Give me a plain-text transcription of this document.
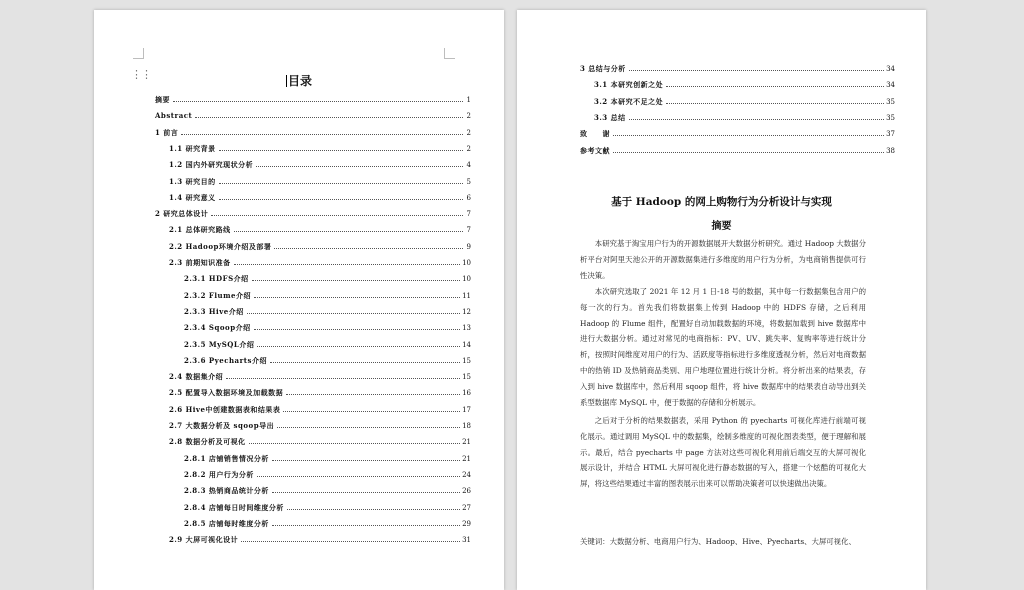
⋮⋮	目录
摘要	1
Abstract	2
1 前言	2
1.1 研究背景	2
1.2 国内外研究现状分析	4
1.3 研究目的	5
1.4 研究意义	6
2 研究总体设计	7
2.1 总体研究路线	7
2.2 Hadoop环境介绍及部署	9
2.3 前期知识准备	10
2.3.1 HDFS介绍	10
2.3.2 Flume介绍	11
2.3.3 Hive介绍	12
2.3.4 Sqoop介绍	13
2.3.5 MySQL介绍	14
2.3.6 Pyecharts介绍	15
2.4 数据集介绍	15
2.5 配置导入数据环境及加载数据	16
2.6 Hive中创建数据表和结果表	17
2.7 大数据分析及 sqoop导出	18
2.8 数据分析及可视化	21
2.8.1 店铺销售情况分析	21
2.8.2 用户行为分析	24
2.8.3 热销商品统计分析	26
2.8.4 店铺每日时间维度分析	27
2.8.5 店铺每时维度分析	29
2.9 大屏可视化设计	31
3 总结与分析	34
3.1 本研究创新之处	34
3.2 本研究不足之处	35
3.3 总结	35
致　　谢	37
参考文献	38
基于 Hadoop 的网上购物行为分析设计与实现
摘要
本研究基于淘宝用户行为的开源数据展开大数据分析研究。通过 Hadoop 大数据分析平台对阿里天池公开的开源数据集进行多维度的用户行为分析，为电商销售提供可行性决策。
本次研究选取了 2021 年 12 月 1 日-18 号的数据，其中每一行数据集包含用户的每一次的行为。首先我们将数据集上传到 Hadoop 中的 HDFS 存储，之后利用 Hadoop 的 Flume 组件，配置好自动加载数据的环境，将数据加载到 hive 数据库中进行大数据分析。通过对常见的电商指标：PV、UV、跳失率、复购率等进行统计分析，按照时间维度对用户的行为、活跃度等指标进行多维度透视分析，然后对电商数据中的热销 ID 及热销商品类别、用户地理位置进行统计分析。将分析出来的结果表，存入到 hive 数据库中，然后利用 sqoop 组件，将 hive 数据库中的结果表自动导出到关系型数据库 MySQL 中，便于数据的存储和分析展示。
之后对于分析的结果数据表，采用 Python 的 pyecharts 可视化库进行前端可视化展示。通过调用 MySQL 中的数据集，绘制多维度的可视化图表类型，便于理解和展示。最后，结合 pyecharts 中 page 方法对这些可视化利用前后端交互的大屏可视化展示设计，并结合 HTML 大屏可视化进行静态数据的写入，搭建一个炫酷的可视化大屏，将这些结果通过丰富的图表展示出来可以帮助决策者可以快速做出决策。
关键词：大数据分析、电商用户行为、Hadoop、Hive、Pyecharts、大屏可视化、
